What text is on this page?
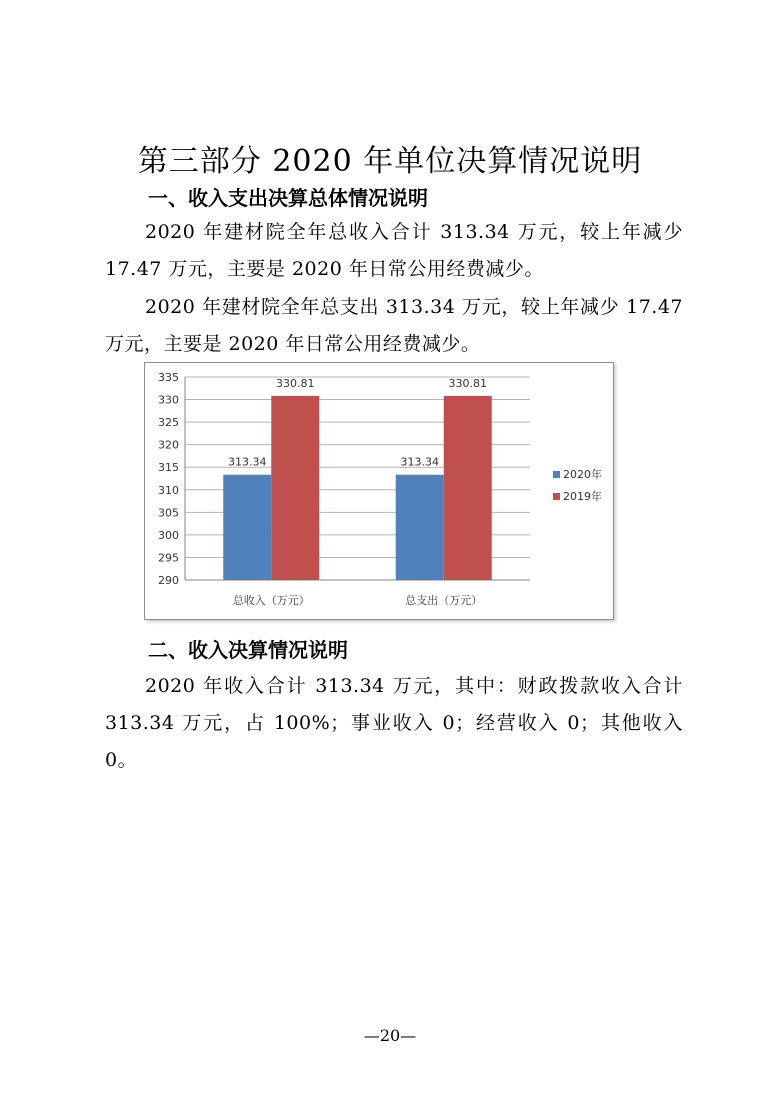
第三部分 2020 年单位决算情况说明
一、收入支出决算总体情况说明
2020 年建材院全年总收入合计 313.34 万元，较上年减少 17.47 万元，主要是 2020 年日常公用经费减少。
2020 年建材院全年总支出 313.34 万元，较上年减少 17.47 万元，主要是 2020 年日常公用经费减少。
290
295
300
305
310
315
320
325
330
335
313.34
330.81
总收入（万元）
313.34
330.81
总支出（万元）
2020年
2019年
二、收入决算情况说明
2020 年收入合计 313.34 万元，其中：财政拨款收入合计 313.34 万元，占 100%；事业收入 0；经营收入 0；其他收入 0。
—20—
